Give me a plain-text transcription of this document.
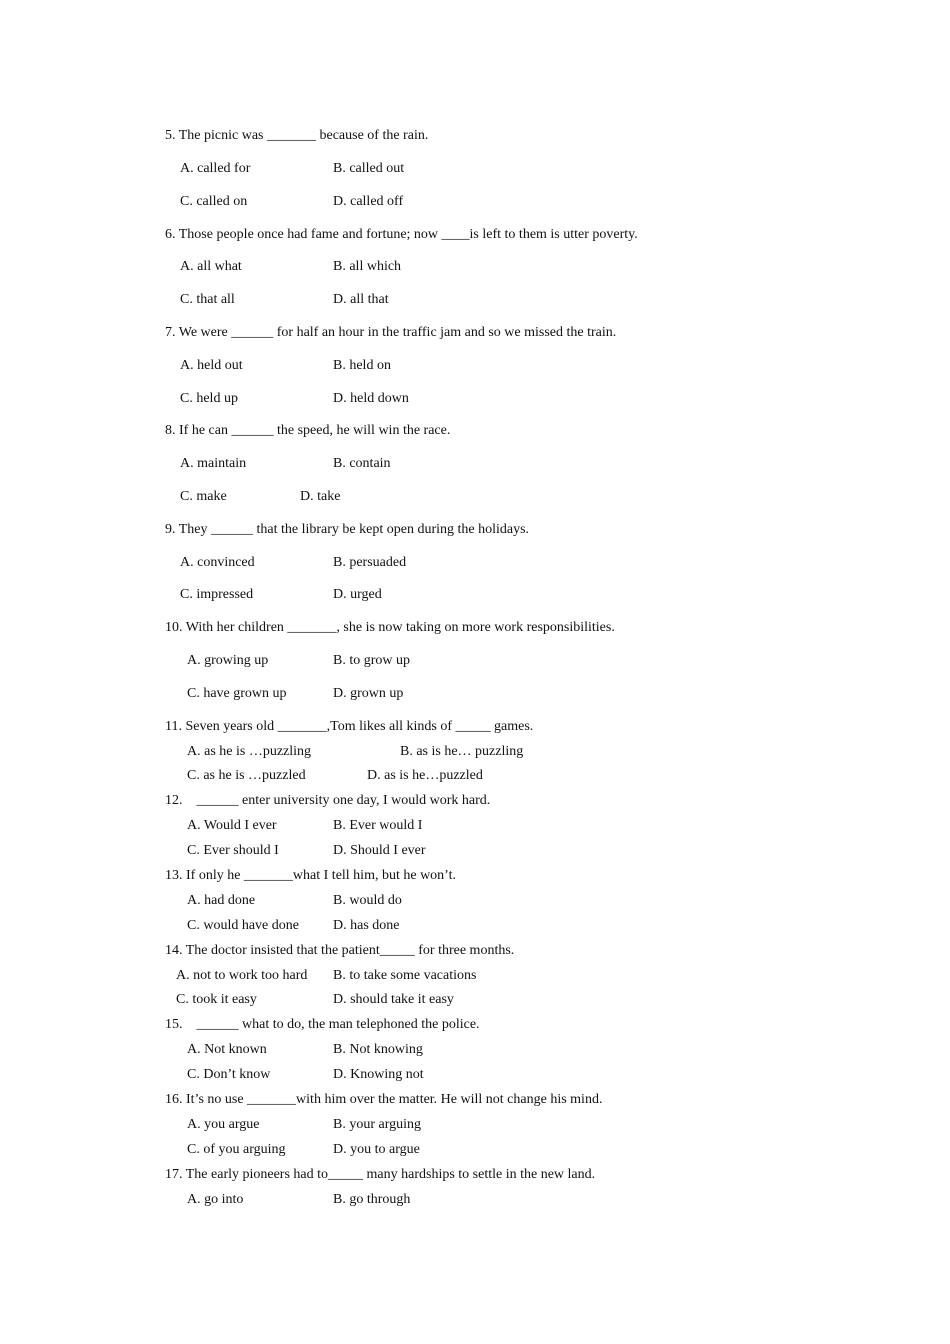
5. The picnic was _______ because of the rain.
A. called for	B. called out
C. called on	D. called off
6. Those people once had fame and fortune; now ____is left to them is utter poverty.
A. all what	B. all which
C. that all	D. all that
7. We were ______ for half an hour in the traffic jam and so we missed the train.
A. held out	B. held on
C. held up	D. held down
8. If he can ______ the speed, he will win the race.
A. maintain	B. contain
C. make	D. take
9. They ______ that the library be kept open during the holidays.
A. convinced	B. persuaded
C. impressed	D. urged
10. With her children _______, she is now taking on more work responsibilities.
A. growing up	B. to grow up
C. have grown up	D. grown up
11. Seven years old _______,Tom likes all kinds of _____ games.
A. as he is …puzzling	B. as is he… puzzling
C. as he is …puzzled	D. as is he…puzzled
12.    ______ enter university one day, I would work hard.
A. Would I ever	B. Ever would I
C. Ever should I	D. Should I ever
13. If only he _______what I tell him, but he won’t.
A. had done	B. would do
C. would have done D. has done
14. The doctor insisted that the patient_____ for three months.
A. not to work too hard B. to take some vacations
C. took it easy	D. should take it easy
15.    ______ what to do, the man telephoned the police.
A. Not known	B. Not knowing
C. Don’t know	D. Knowing not
16. It’s no use _______with him over the matter. He will not change his mind.
A. you argue	B. your arguing
C. of you arguing	D. you to argue
17. The early pioneers had to_____ many hardships to settle in the new land.
A. go into	B. go through
